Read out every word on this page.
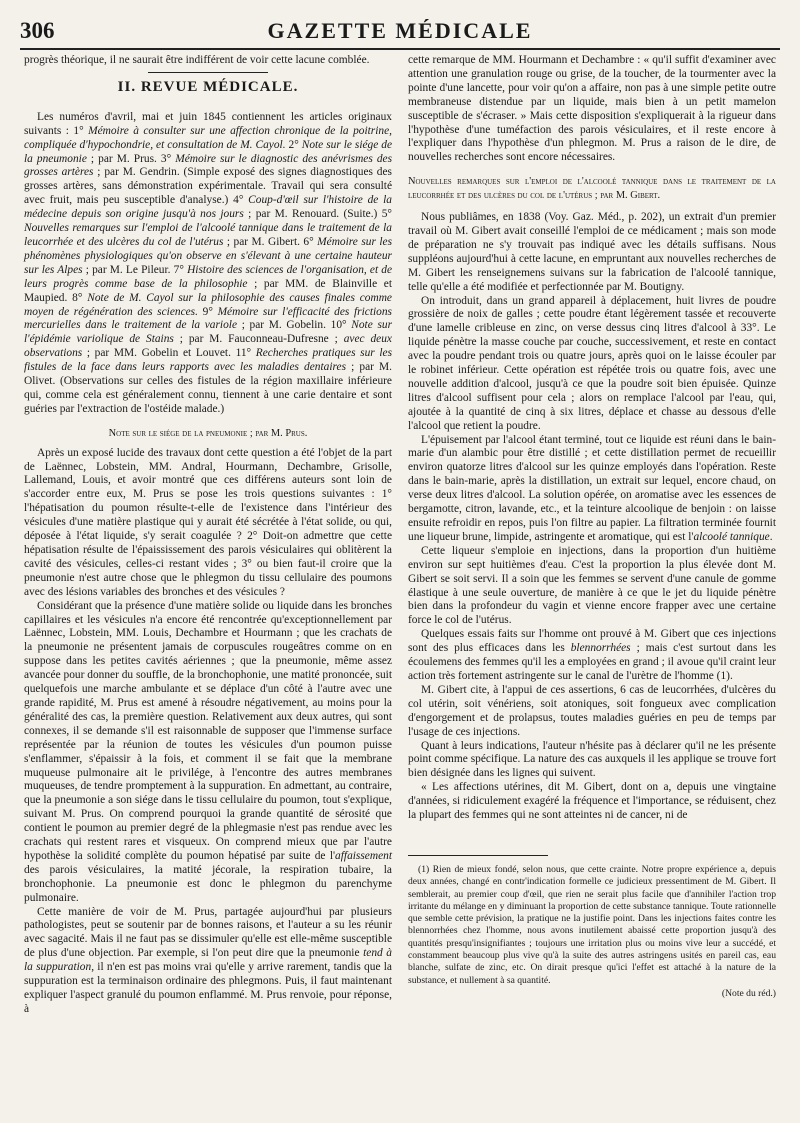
306	GAZETTE MÉDICALE

progrès théorique, il ne saurait être indifférent de voir cette lacune comblée.

II. REVUE MÉDICALE.

Les numéros d'avril, mai et juin 1845 contiennent les articles originaux suivants : 1° Mémoire à consulter sur une affection chronique de la poitrine, compliquée d'hypochondrie, et consultation de M. Cayol. 2° Note sur le siége de la pneumonie ; par M. Prus. 3° Mémoire sur le diagnostic des anévrismes des grosses artères ; par M. Gendrin. (Simple exposé des signes diagnostiques des grosses artères, sans démonstration expérimentale. Travail qui sera consulté avec fruit, mais peu susceptible d'analyse.) 4° Coup-d'œil sur l'histoire de la médecine depuis son origine jusqu'à nos jours ; par M. Renouard. (Suite.) 5° Nouvelles remarques sur l'emploi de l'alcoolé tannique dans le traitement de la leucorrhée et des ulcères du col de l'utérus ; par M. Gibert. 6° Mémoire sur les phénomènes physiologiques qu'on observe en s'élevant à une certaine hauteur sur les Alpes ; par M. Le Pileur. 7° Histoire des sciences de l'organisation, et de leurs progrès comme base de la philosophie ; par MM. de Blainville et Maupied. 8° Note de M. Cayol sur la philosophie des causes finales comme moyen de régénération des sciences. 9° Mémoire sur l'efficacité des frictions mercurielles dans le traitement de la variole ; par M. Gobelin. 10° Note sur l'épidémie variolique de Stains ; par M. Fauconneau-Dufresne ; avec deux observations ; par MM. Gobelin et Louvet. 11° Recherches pratiques sur les fistules de la face dans leurs rapports avec les maladies dentaires ; par M. Olivet. (Observations sur celles des fistules de la région maxillaire inférieure qui, comme cela est généralement connu, tiennent à une carie dentaire et sont guéries par l'extraction de l'ostéide malade.)

Note sur le siége de la pneumonie ; par M. Prus.

Après un exposé lucide des travaux dont cette question a été l'objet de la part de Laënnec, Lobstein, MM. Andral, Hourmann, Dechambre, Grisolle, Lallemand, Louis, et avoir montré que ces différens auteurs sont loin de s'accorder entre eux, M. Prus se pose les trois questions suivantes : 1° l'hépatisation du poumon résulte-t-elle de l'existence dans l'intérieur des vésicules d'une matière plastique qui y aurait été sécrétée à l'état solide, ou qui, déposée à l'état liquide, s'y serait coagulée ? 2° Doit-on admettre que cette hépatisation résulte de l'épaississement des parois vésiculaires qui oblitèrent la cavité des vésicules, celles-ci restant vides ; 3° ou bien faut-il croire que la pneumonie n'est autre chose que le phlegmon du tissu cellulaire des poumons avec des lésions variables des bronches et des vésicules ?

Considérant que la présence d'une matière solide ou liquide dans les bronches capillaires et les vésicules n'a encore été rencontrée qu'exceptionnellement par Laënnec, Lobstein, MM. Louis, Dechambre et Hourmann ; que les crachats de la pneumonie ne présentent jamais de corpuscules rougeâtres comme on en suppose dans les petites cavités aériennes ; que la pneumonie, même assez avancée pour donner du souffle, de la bronchophonie, une matité prononcée, suit quelquefois une marche ambulante et se déplace d'un côté à l'autre avec une grande rapidité, M. Prus est amené à résoudre négativement, au moins pour la généralité des cas, la première question. Relativement aux deux autres, qui sont connexes, il se demande s'il est raisonnable de supposer que l'immense surface représentée par la réunion de toutes les vésicules d'un poumon puisse s'enflammer, s'épaissir à la fois, et comment il se fait que la membrane muqueuse pulmonaire ait le privilége, à l'encontre des autres membranes muqueuses, de tendre promptement à la suppuration. En admettant, au contraire, que la pneumonie a son siége dans le tissu cellulaire du poumon, tout s'explique, suivant M. Prus. On comprend pourquoi la grande quantité de sérosité que contient le poumon au premier degré de la phlegmasie n'est pas rendue avec les crachats qui restent rares et visqueux. On comprend mieux que par l'autre hypothèse la solidité complète du poumon hépatisé par suite de l'affaissement des parois vésiculaires, la matité jécorale, la respiration tubaire, la bronchophonie. La pneumonie est donc le phlegmon du parenchyme pulmonaire.

Cette manière de voir de M. Prus, partagée aujourd'hui par plusieurs pathologistes, peut se soutenir par de bonnes raisons, et l'auteur a su les réunir avec sagacité. Mais il ne faut pas se dissimuler qu'elle est elle-même susceptible de plus d'une objection. Par exemple, si l'on peut dire que la pneumonie tend à la suppuration, il n'en est pas moins vrai qu'elle y arrive rarement, tandis que la suppuration est la terminaison ordinaire des phlegmons. Puis, il faut maintenant expliquer l'aspect granulé du poumon enflammé. M. Prus renvoie, pour réponse, à

cette remarque de MM. Hourmann et Dechambre : « qu'il suffit d'examiner avec attention une granulation rouge ou grise, de la toucher, de la tourmenter avec la pointe d'une lancette, pour voir qu'on a affaire, non pas à une simple petite outre membraneuse distendue par un liquide, mais bien à un petit mamelon susceptible de s'écraser. » Mais cette disposition s'expliquerait à la rigueur dans l'hypothèse d'une tuméfaction des parois vésiculaires, et il reste encore à l'expliquer dans l'hypothèse d'un phlegmon. M. Prus a raison de le dire, de nouvelles recherches sont encore nécessaires.

Nouvelles remarques sur l'emploi de l'alcoolé tannique dans le traitement de la leucorrhée et des ulcères du col de l'utérus ; par M. Gibert.

Nous publiâmes, en 1838 (Voy. Gaz. Méd., p. 202), un extrait d'un premier travail où M. Gibert avait conseillé l'emploi de ce médicament ; mais son mode de préparation ne s'y trouvait pas indiqué avec les détails suffisans. Nous suppléons aujourd'hui à cette lacune, en empruntant aux nouvelles recherches de M. Gibert les renseignemens suivans sur la fabrication de l'alcoolé tannique, telle qu'elle a été modifiée et perfectionnée par M. Boutigny.

On introduit, dans un grand appareil à déplacement, huit livres de poudre grossière de noix de galles ; cette poudre étant légèrement tassée et recouverte d'une lamelle cribleuse en zinc, on verse dessus cinq litres d'alcool à 33°. Le liquide pénètre la masse couche par couche, successivement, et reste en contact avec la poudre pendant trois ou quatre jours, après quoi on le laisse écouler par le robinet inférieur. Cette opération est répétée trois ou quatre fois, avec une nouvelle addition d'alcool, jusqu'à ce que la poudre soit bien épuisée. Quinze litres d'alcool suffisent pour cela ; alors on remplace l'alcool par l'eau, qui, ajoutée à la quantité de cinq à six litres, déplace et chasse au dessous d'elle l'alcool que retient la poudre.

L'épuisement par l'alcool étant terminé, tout ce liquide est réuni dans le bain-marie d'un alambic pour être distillé ; et cette distillation permet de recueillir environ quatorze litres d'alcool sur les quinze employés dans l'opération. Reste dans le bain-marie, après la distillation, un extrait sur lequel, encore chaud, on verse deux litres d'alcool. La solution opérée, on aromatise avec les essences de bergamotte, citron, lavande, etc., et la teinture alcoolique de benjoin : on laisse ensuite refroidir en repos, puis l'on filtre au papier. La filtration terminée fournit une liqueur brune, limpide, astringente et aromatique, qui est l'alcoolé tannique.

Cette liqueur s'emploie en injections, dans la proportion d'un huitième environ sur sept huitièmes d'eau. C'est la proportion la plus élevée dont M. Gibert se soit servi. Il a soin que les femmes se servent d'une canule de gomme élastique à une seule ouverture, de manière à ce que le jet du liquide pénètre bien dans la profondeur du vagin et vienne encore frapper avec une certaine force le col de l'utérus.

Quelques essais faits sur l'homme ont prouvé à M. Gibert que ces injections sont des plus efficaces dans les blennorrhées ; mais c'est surtout dans les écoulemens des femmes qu'il les a employées en grand ; il avoue qu'il craint leur action très fortement astringente sur le canal de l'urètre de l'homme (1).

M. Gibert cite, à l'appui de ces assertions, 6 cas de leucorrhées, d'ulcères du col utérin, soit vénériens, soit atoniques, soit fongueux avec complication d'engorgement et de prolapsus, toutes maladies guéries en peu de temps par l'usage de ces injections.

Quant à leurs indications, l'auteur n'hésite pas à déclarer qu'il ne les présente point comme spécifique. La nature des cas auxquels il les applique se trouve fort bien désignée dans les lignes qui suivent.

« Les affections utérines, dit M. Gibert, dont on a, depuis une vingtaine d'années, si ridiculement exagéré la fréquence et l'importance, se réduisent, chez la plupart des femmes qui ne sont atteintes ni de cancer, ni de

(1) Rien de mieux fondé, selon nous, que cette crainte. Notre propre expérience a, depuis deux années, changé en contr'indication formelle ce judicieux pressentiment de M. Gibert. Il semblerait, au premier coup d'œil, que rien ne serait plus facile que d'annihiler l'action trop irritante du mélange en y diminuant la proportion de cette substance tannique. Toute rationnelle que semble cette prévision, la pratique ne la justifie point. Dans les injections faites contre les blennorrhées chez l'homme, nous avons inutilement abaissé cette proportion jusqu'à des quantités presqu'insignifiantes ; toujours une irritation plus ou moins vive leur a succédé, et constamment beaucoup plus vive qu'à la suite des autres astringens usités en pareil cas, eau blanche, sulfate de zinc, etc. On dirait presque qu'ici l'effet est attaché à la nature de la substance, et nullement à sa quantité.

(Note du réd.)
